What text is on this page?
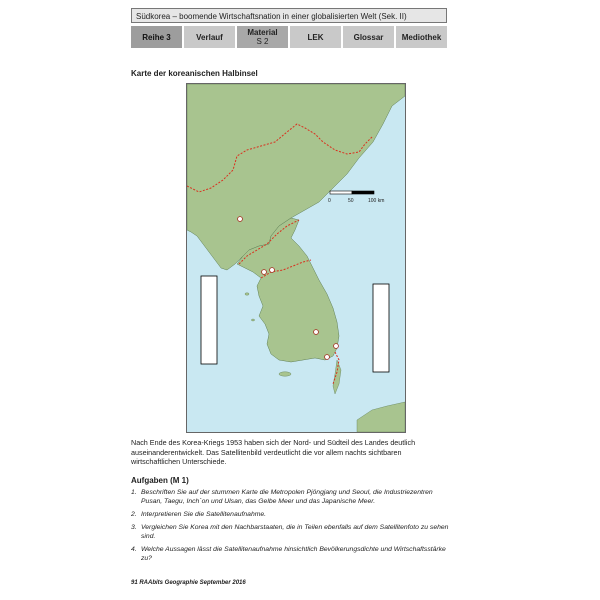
Südkorea – boomende Wirtschaftsnation in einer globalisierten Welt (Sek. II)
Reihe 3	Verlauf	Material
S 2	LEK	Glossar Mediothek
Karte der koreanischen Halbinsel
0	50	100 km

Nach Ende des Korea-Kriegs 1953 haben sich der Nord- und Südteil des Landes deutlich auseinanderentwickelt. Das Satellitenbild verdeutlicht die vor allem nachts sichtbaren wirtschaftlichen Unterschiede.

Aufgaben (M 1)
1. Beschriften Sie auf der stummen Karte die Metropolen Pjöngjang und Seoul, die Industriezentren Pusan, Taegu, Inch´on und Ulsan, das Gelbe Meer und das Japanische Meer.
2. Interpretieren Sie die Satellitenaufnahme.
3. Vergleichen Sie Korea mit den Nachbarstaaten, die in Teilen ebenfalls auf dem Satellitenfoto zu sehen sind.
4. Welche Aussagen lässt die Satellitenaufnahme hinsichtlich Bevölkerungsdichte und Wirtschaftsstärke zu?
91 RAAbits Geographie September 2016
